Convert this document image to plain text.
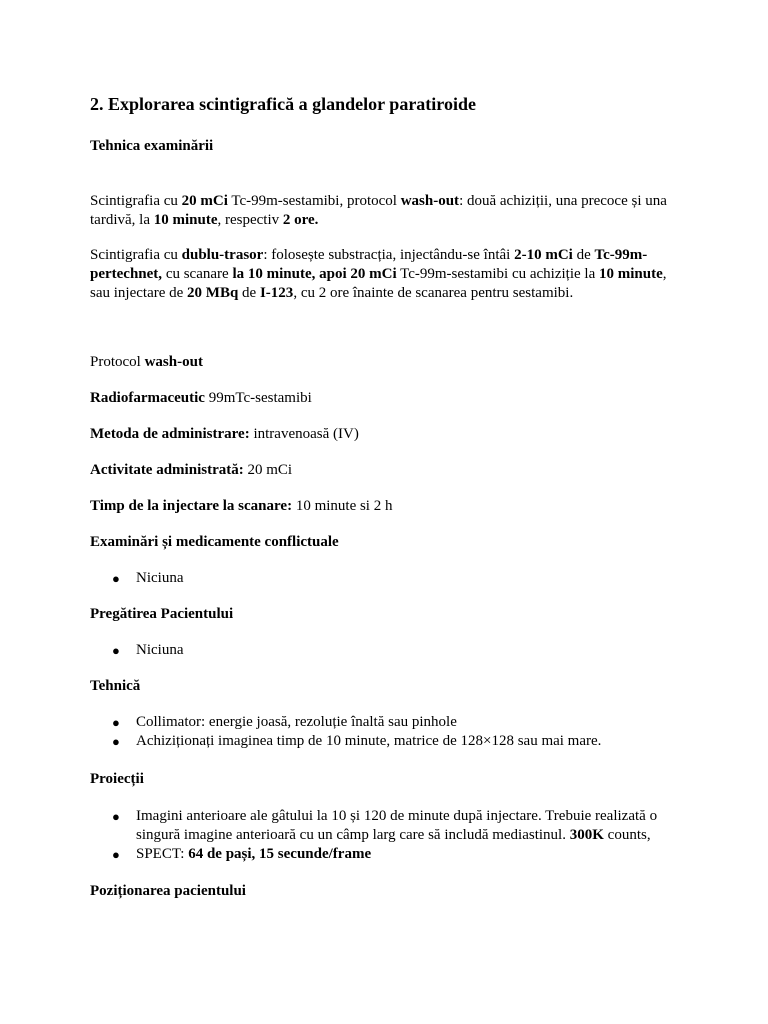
2. Explorarea scintigrafică a glandelor paratiroide

Tehnica examinării

Scintigrafia cu 20 mCi Tc-99m-sestamibi, protocol wash-out: două achiziții, una precoce și una tardivă, la 10 minute, respectiv 2 ore.

Scintigrafia cu dublu-trasor: folosește substracția, injectându-se întâi 2-10 mCi de Tc-99m-pertechnet, cu scanare la 10 minute, apoi 20 mCi Tc-99m-sestamibi cu achiziție la 10 minute, sau injectare de 20 MBq de I-123, cu 2 ore înainte de scanarea pentru sestamibi.

Protocol wash-out

Radiofarmaceutic 99mTc-sestamibi

Metoda de administrare: intravenoasă (IV)

Activitate administrată: 20 mCi

Timp de la injectare la scanare: 10 minute si 2 h

Examinări și medicamente conflictuale

● Niciuna

Pregătirea Pacientului

● Niciuna

Tehnică

● Collimator: energie joasă, rezoluție înaltă sau pinhole
● Achiziționați imaginea timp de 10 minute, matrice de 128×128 sau mai mare.

Proiecții

● Imagini anterioare ale gâtului la 10 și 120 de minute după injectare. Trebuie realizată o singură imagine anterioară cu un câmp larg care să includă mediastinul. 300K counts,
● SPECT: 64 de pași, 15 secunde/frame

Poziționarea pacientului
